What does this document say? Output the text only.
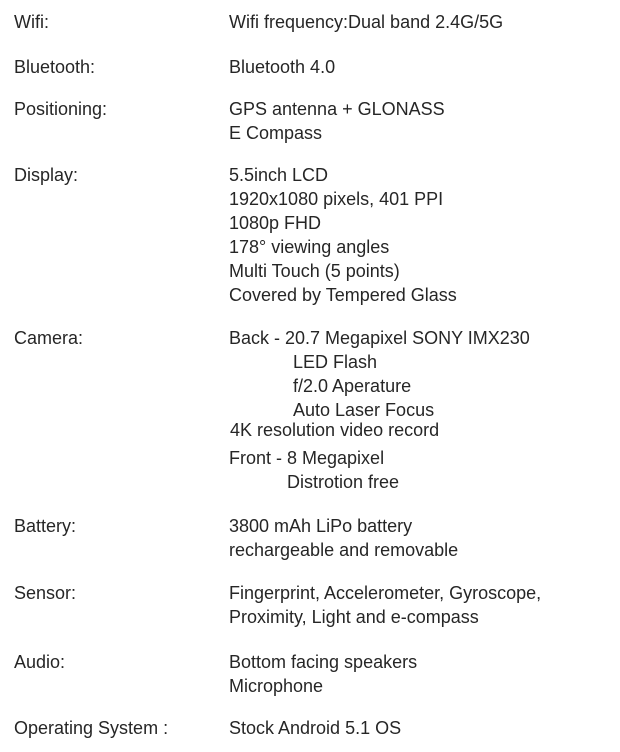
Wifi:	Wifi frequency:Dual band 2.4G/5G
Bluetooth:	Bluetooth 4.0
Positioning:	GPS antenna + GLONASS
E Compass
Display:	5.5inch LCD
1920x1080 pixels, 401 PPI
1080p FHD
178° viewing angles
Multi Touch (5 points)
Covered by Tempered Glass
Camera:	Back - 20.7 Megapixel SONY IMX230
LED Flash
f/2.0 Aperature
Auto Laser Focus
4K resolution video record
Front - 8 Megapixel
Distrotion free
Battery:	3800 mAh LiPo battery
rechargeable and removable
Sensor:	Fingerprint, Accelerometer, Gyroscope,
Proximity, Light and e-compass
Audio:	Bottom facing speakers
Microphone
Operating System :	Stock Android 5.1 OS
